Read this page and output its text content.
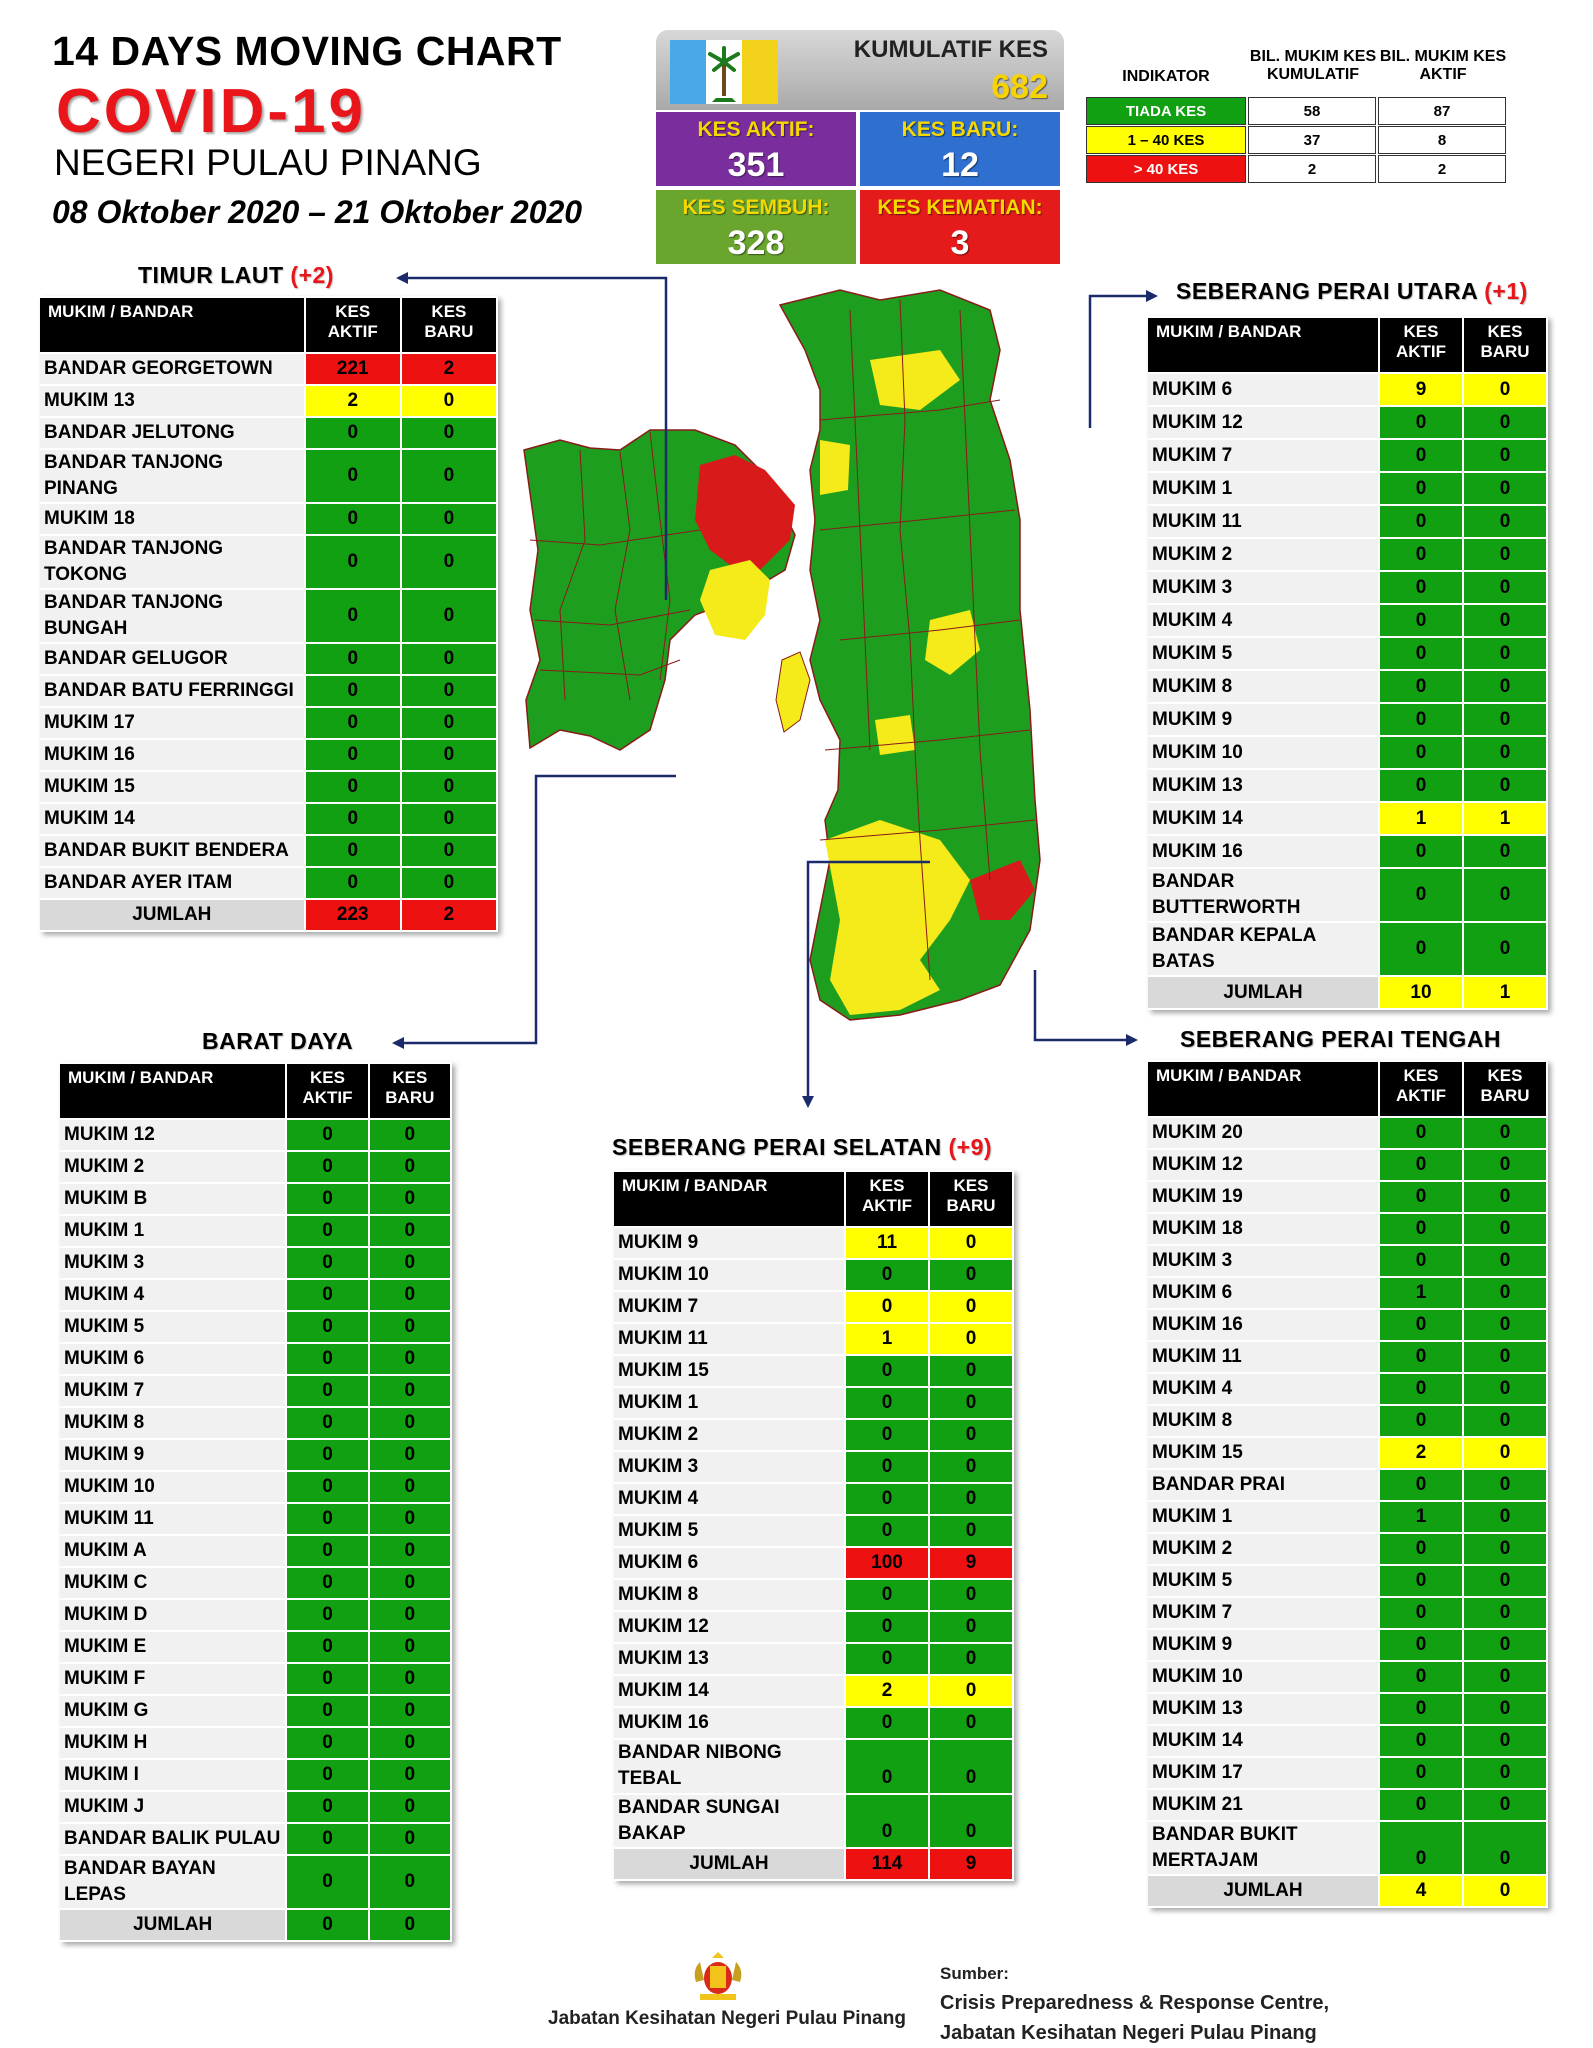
14 DAYS MOVING CHART
COVID-19
NEGERI PULAU PINANG
08 Oktober 2020 – 21 Oktober 2020
KUMULATIF KES
682
KES AKTIF:
351
KES BARU:
12
KES SEMBUH:
328
KES KEMATIAN:
3
INDIKATOR
BIL. MUKIM KES KUMULATIF
BIL. MUKIM KES AKTIF
TIADA KES	58	87
1 – 40 KES	37	8
> 40 KES	2	2
TIMUR LAUT (+2)
SEBERANG PERAI UTARA (+1)
BARAT DAYA
SEBERANG PERAI SELATAN (+9)
SEBERANG PERAI TENGAH
MUKIM / BANDAR	KES AKTIF	KES BARU
BANDAR GEORGETOWN	221	2
MUKIM 13	2	0
BANDAR JELUTONG	0	0
BANDAR TANJONG PINANG	0	0
MUKIM 18	0	0
BANDAR TANJONG TOKONG	0	0
BANDAR TANJONG BUNGAH	0	0
BANDAR GELUGOR	0	0
BANDAR BATU FERRINGGI	0	0
MUKIM 17	0	0
MUKIM 16	0	0
MUKIM 15	0	0
MUKIM 14	0	0
BANDAR BUKIT BENDERA	0	0
BANDAR AYER ITAM	0	0
JUMLAH	223	2
MUKIM / BANDAR	KES AKTIF	KES BARU
MUKIM 6	9	0
MUKIM 12	0	0
MUKIM 7	0	0
MUKIM 1	0	0
MUKIM 11	0	0
MUKIM 2	0	0
MUKIM 3	0	0
MUKIM 4	0	0
MUKIM 5	0	0
MUKIM 8	0	0
MUKIM 9	0	0
MUKIM 10	0	0
MUKIM 13	0	0
MUKIM 14	1	1
MUKIM 16	0	0
BANDAR BUTTERWORTH	0	0
BANDAR KEPALA BATAS	0	0
JUMLAH	10	1
MUKIM / BANDAR	KES AKTIF	KES BARU
MUKIM 12	0	0
MUKIM 2	0	0
MUKIM B	0	0
MUKIM 1	0	0
MUKIM 3	0	0
MUKIM 4	0	0
MUKIM 5	0	0
MUKIM 6	0	0
MUKIM 7	0	0
MUKIM 8	0	0
MUKIM 9	0	0
MUKIM 10	0	0
MUKIM 11	0	0
MUKIM A	0	0
MUKIM C	0	0
MUKIM D	0	0
MUKIM E	0	0
MUKIM F	0	0
MUKIM G	0	0
MUKIM H	0	0
MUKIM I	0	0
MUKIM J	0	0
BANDAR BALIK PULAU	0	0
BANDAR BAYAN LEPAS	0	0
JUMLAH	0	0
MUKIM / BANDAR	KES AKTIF	KES BARU
MUKIM 9	11	0
MUKIM 10	0	0
MUKIM 7	0	0
MUKIM 11	1	0
MUKIM 15	0	0
MUKIM 1	0	0
MUKIM 2	0	0
MUKIM 3	0	0
MUKIM 4	0	0
MUKIM 5	0	0
MUKIM 6	100	9
MUKIM 8	0	0
MUKIM 12	0	0
MUKIM 13	0	0
MUKIM 14	2	0
MUKIM 16	0	0
BANDAR NIBONG TEBAL	0	0
BANDAR SUNGAI BAKAP	0	0
JUMLAH	114	9
MUKIM / BANDAR	KES AKTIF	KES BARU
MUKIM 20	0	0
MUKIM 12	0	0
MUKIM 19	0	0
MUKIM 18	0	0
MUKIM 3	0	0
MUKIM 6	1	0
MUKIM 16	0	0
MUKIM 11	0	0
MUKIM 4	0	0
MUKIM 8	0	0
MUKIM 15	2	0
BANDAR PRAI	0	0
MUKIM 1	1	0
MUKIM 2	0	0
MUKIM 5	0	0
MUKIM 7	0	0
MUKIM 9	0	0
MUKIM 10	0	0
MUKIM 13	0	0
MUKIM 14	0	0
MUKIM 17	0	0
MUKIM 21	0	0
BANDAR BUKIT MERTAJAM	0	0
JUMLAH	4	0
Jabatan Kesihatan Negeri Pulau Pinang
Sumber:
Crisis Preparedness & Response Centre,
Jabatan Kesihatan Negeri Pulau Pinang
